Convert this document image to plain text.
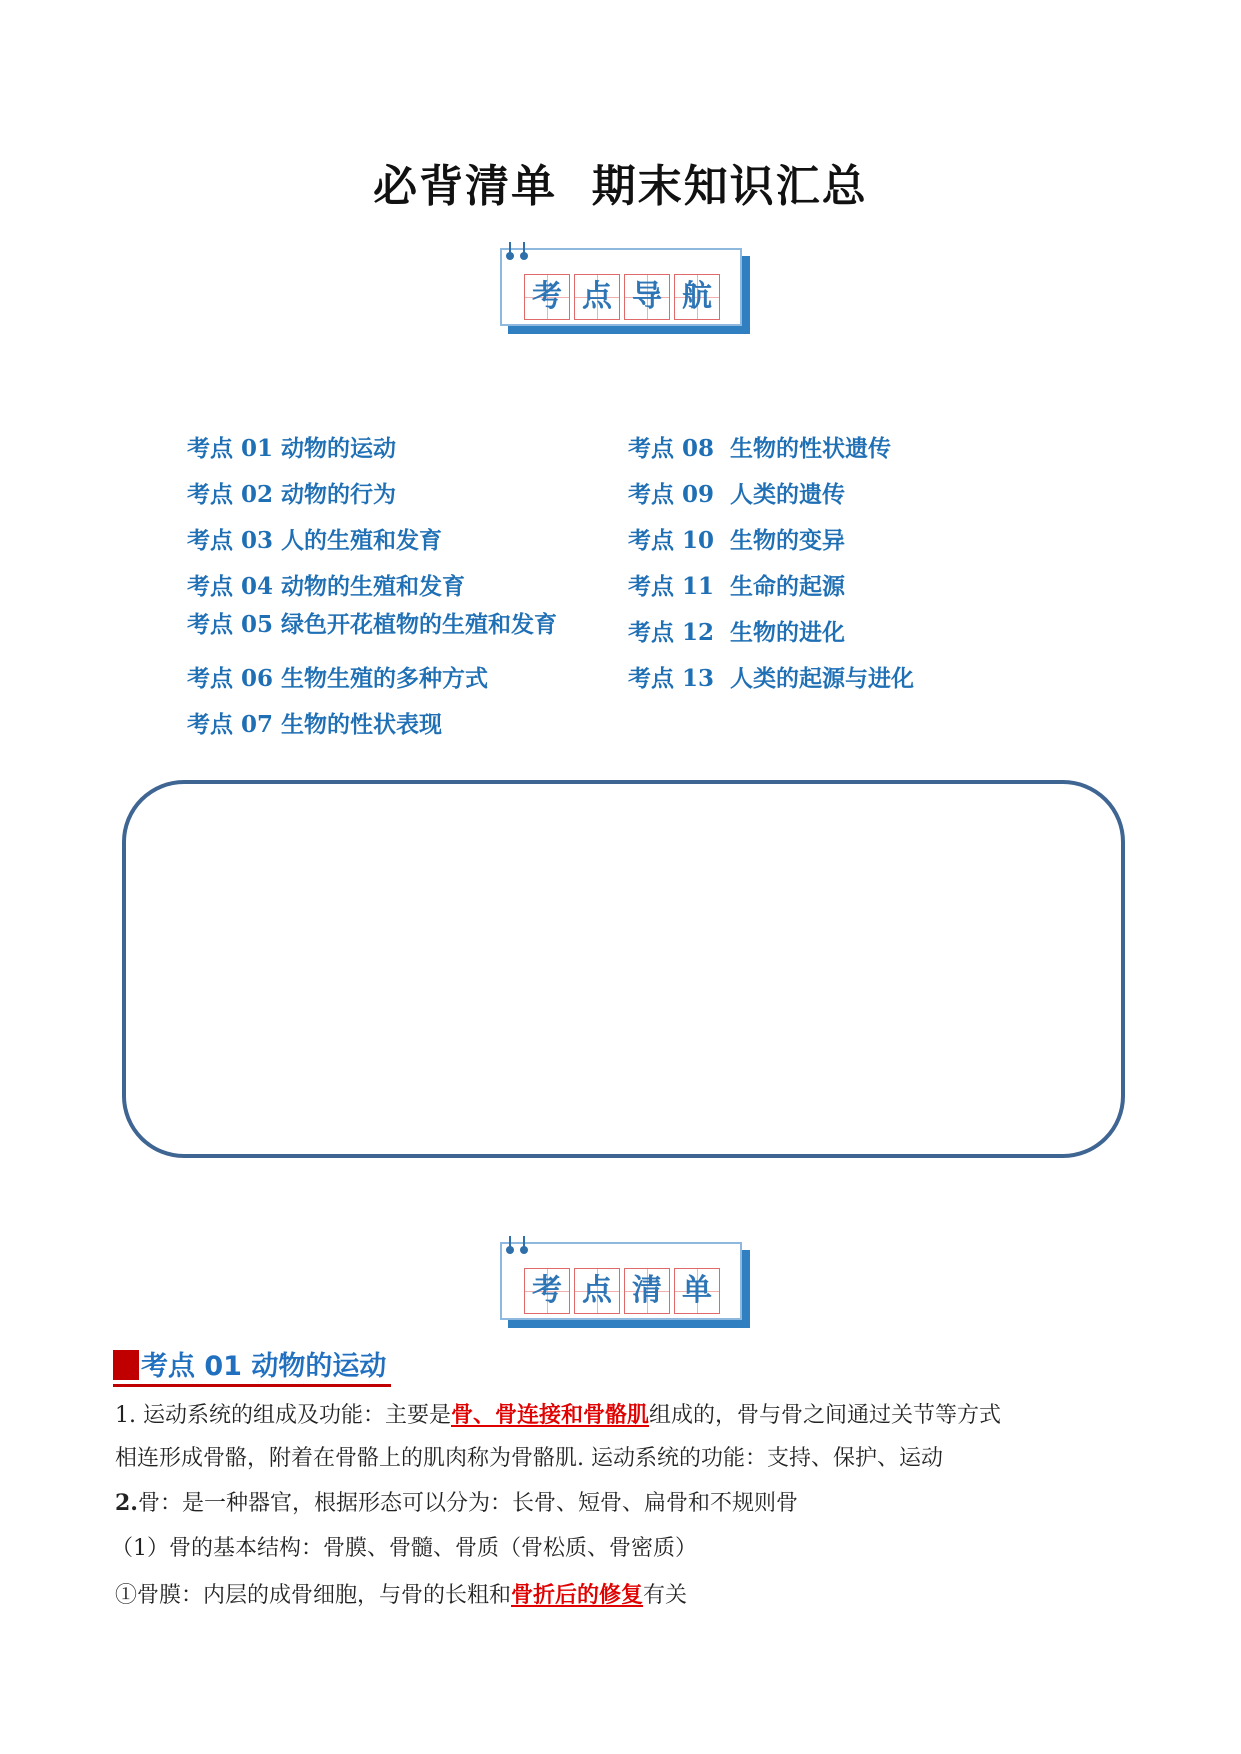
必背清单  期末知识汇总
考 点 导 航
考点 01 动物的运动
考点 02 动物的行为
考点 03 人的生殖和发育
考点 04 动物的生殖和发育
考点 05 绿色开花植物的生殖和发育
考点 06 生物生殖的多种方式
考点 07 生物的性状表现
考点 08  生物的性状遗传
考点 09  人类的遗传
考点 10  生物的变异
考点 11  生命的起源
考点 12  生物的进化
考点 13  人类的起源与进化
考 点 清 单
考点 01 动物的运动
1. 运动系统的组成及功能：主要是骨、骨连接和骨骼肌组成的，骨与骨之间通过关节等方式
相连形成骨骼，附着在骨骼上的肌肉称为骨骼肌. 运动系统的功能：支持、保护、运动
2.骨：是一种器官，根据形态可以分为：长骨、短骨、扁骨和不规则骨
（1）骨的基本结构：骨膜、骨髓、骨质（骨松质、骨密质）
①骨膜：内层的成骨细胞，与骨的长粗和骨折后的修复有关
